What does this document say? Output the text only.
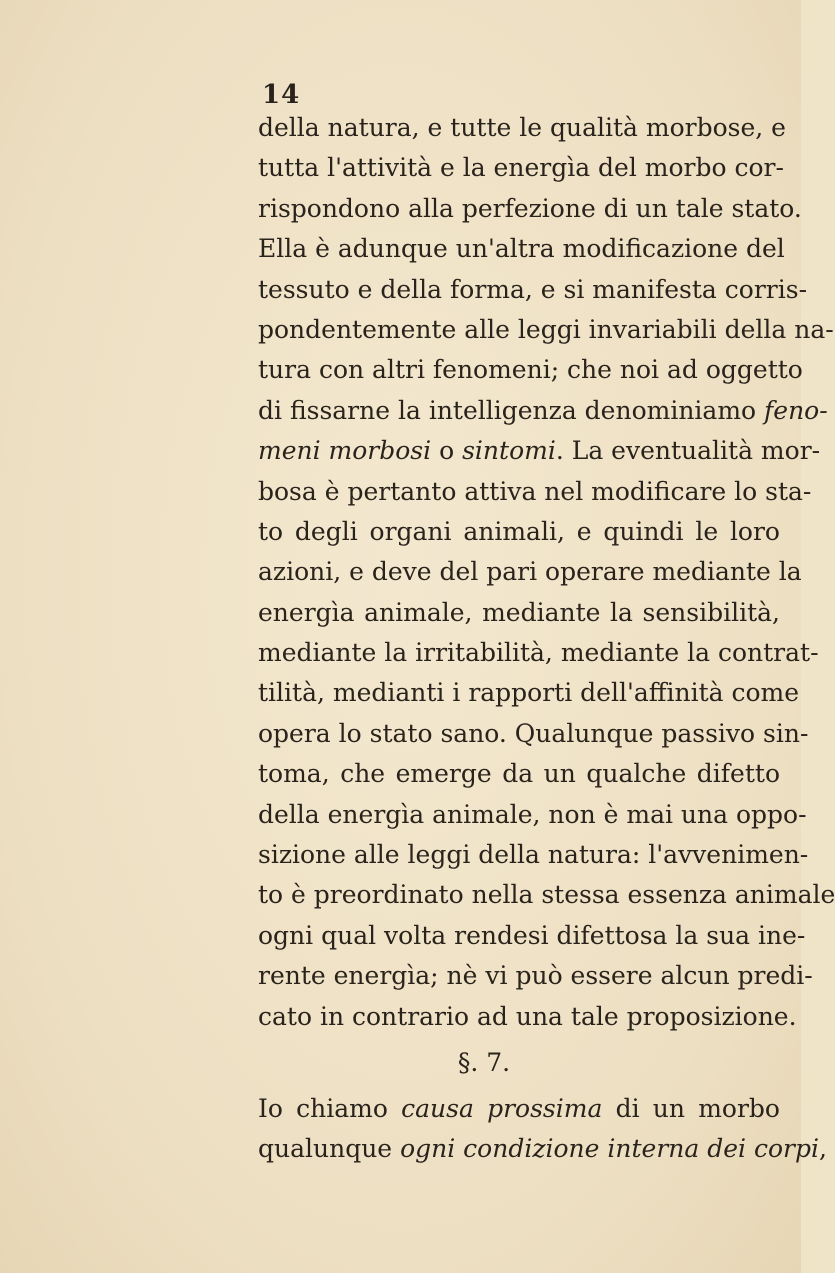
14
della natura, e tutte le qualità morbose, e
tutta l'attività e la energìa del morbo cor-
rispondono alla perfezione di un tale stato.
Ella è adunque un'altra modificazione del
tessuto e della forma, e si manifesta corris-
pondentemente alle leggi invariabili della na-
tura con altri fenomeni; che noi ad oggetto
di fissarne la intelligenza denominiamo feno-
meni morbosi o sintomi. La eventualità mor-
bosa è pertanto attiva nel modificare lo sta-
to degli organi animali, e quindi le loro
azioni, e deve del pari operare mediante la
energìa animale, mediante la sensibilità,
mediante la irritabilità, mediante la contrat-
tilità, medianti i rapporti dell'affinità come
opera lo stato sano. Qualunque passivo sin-
toma, che emerge da un qualche difetto
della energìa animale, non è mai una oppo-
sizione alle leggi della natura: l'avvenimen-
to è preordinato nella stessa essenza animale
ogni qual volta rendesi difettosa la sua ine-
rente energìa; nè vi può essere alcun predi-
cato in contrario ad una tale proposizione.
§. 7.
Io chiamo causa prossima di un morbo
qualunque ogni condizione interna dei corpi,
